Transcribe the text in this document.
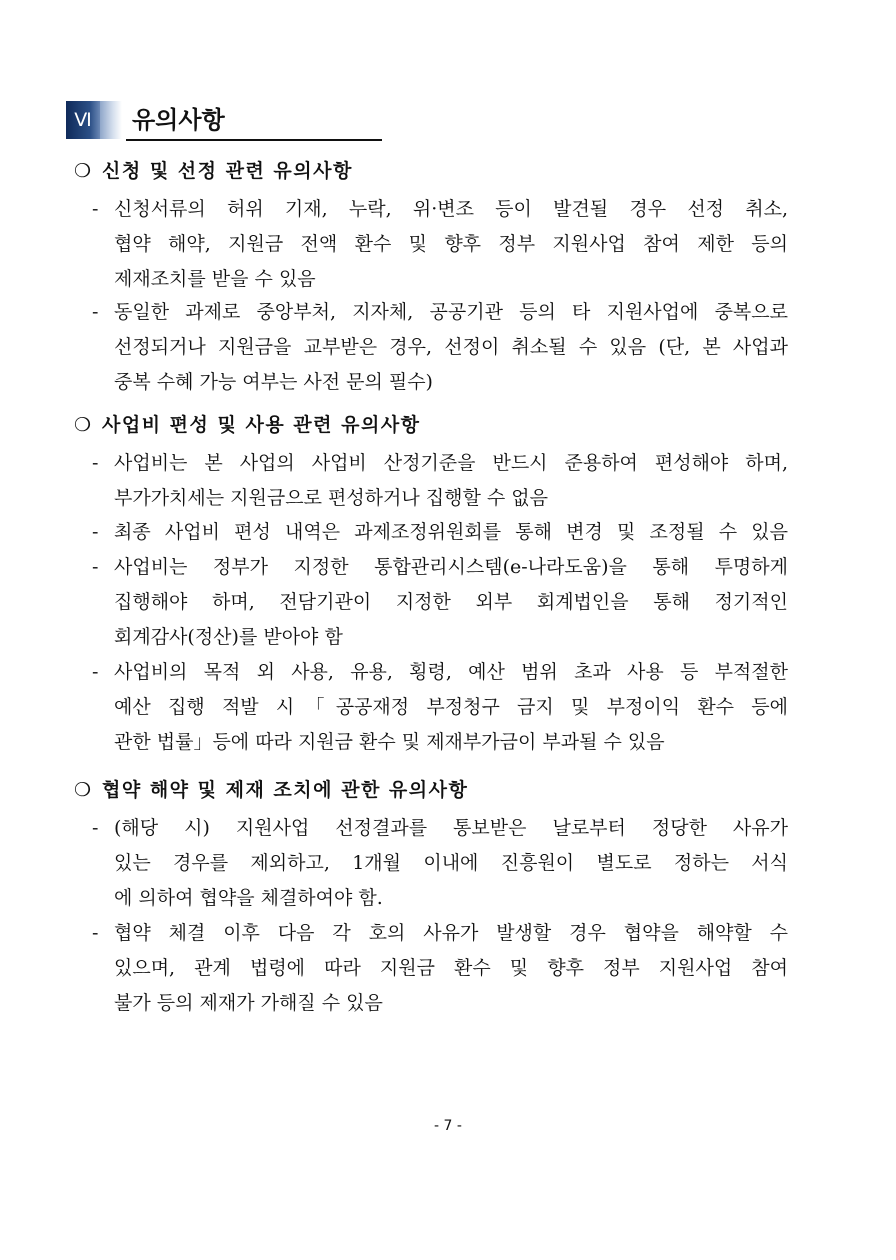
Ⅵ	유의사항
❍ 신청 및 선정 관련 유의사항
- 신청서류의 허위 기재, 누락, 위·변조 등이 발견될 경우 선정 취소,
협약 해약, 지원금 전액 환수 및 향후 정부 지원사업 참여 제한 등의
제재조치를 받을 수 있음
- 동일한 과제로 중앙부처, 지자체, 공공기관 등의 타 지원사업에 중복으로
선정되거나 지원금을 교부받은 경우, 선정이 취소될 수 있음 (단, 본 사업과
중복 수혜 가능 여부는 사전 문의 필수)
❍ 사업비 편성 및 사용 관련 유의사항
- 사업비는 본 사업의 사업비 산정기준을 반드시 준용하여 편성해야 하며,
부가가치세는 지원금으로 편성하거나 집행할 수 없음
- 최종 사업비 편성 내역은 과제조정위원회를 통해 변경 및 조정될 수 있음
- 사업비는 정부가 지정한 통합관리시스템(e-나라도움)을 통해 투명하게
집행해야 하며, 전담기관이 지정한 외부 회계법인을 통해 정기적인
회계감사(정산)를 받아야 함
- 사업비의 목적 외 사용, 유용, 횡령, 예산 범위 초과 사용 등 부적절한
예산 집행 적발 시「공공재정 부정청구 금지 및 부정이익 환수 등에
관한 법률」등에 따라 지원금 환수 및 제재부가금이 부과될 수 있음
❍ 협약 해약 및 제재 조치에 관한 유의사항
- (해당 시) 지원사업 선정결과를 통보받은 날로부터 정당한 사유가
있는 경우를 제외하고, 1개월 이내에 진흥원이 별도로 정하는 서식
에 의하여 협약을 체결하여야 함.
- 협약 체결 이후 다음 각 호의 사유가 발생할 경우 협약을 해약할 수
있으며, 관계 법령에 따라 지원금 환수 및 향후 정부 지원사업 참여
불가 등의 제재가 가해질 수 있음
- 7 -
